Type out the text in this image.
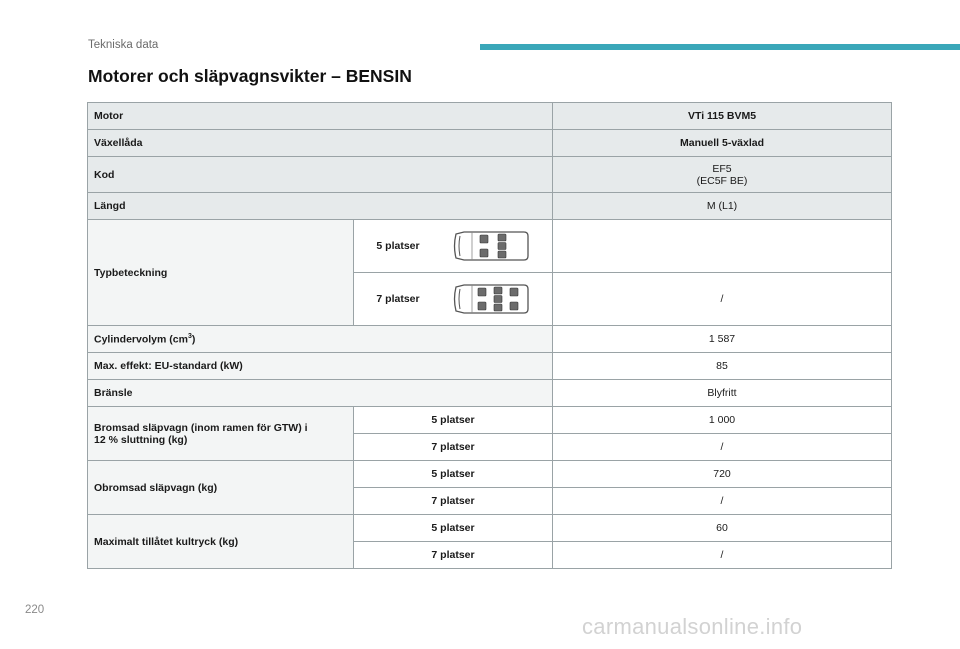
Tekniska data
Motorer och släpvagnsvikter – BENSIN
Motor		VTi 115 BVM5
Växellåda		Manuell 5-växlad
Kod		EF5
(EC5F BE)

Längd		M (L1)
Typbeteckning	5 platser	

	7 platser	/
Cylindervolym $(cm^3)$		1 587
Max. effekt: EU-standard (kW)		85
Bränsle		Blyfritt

Bromsad släpvagn (inom ramen för GTW) i
12 % sluttning (kg)	5 platser	1 000
	7 platser	/
Obromsad släpvagn (kg)	5 platser	720
	7 platser	/
Maximalt tillåtet kultryck (kg)	5 platser	60
	7 platser	/
220
carmanualsonline.info
